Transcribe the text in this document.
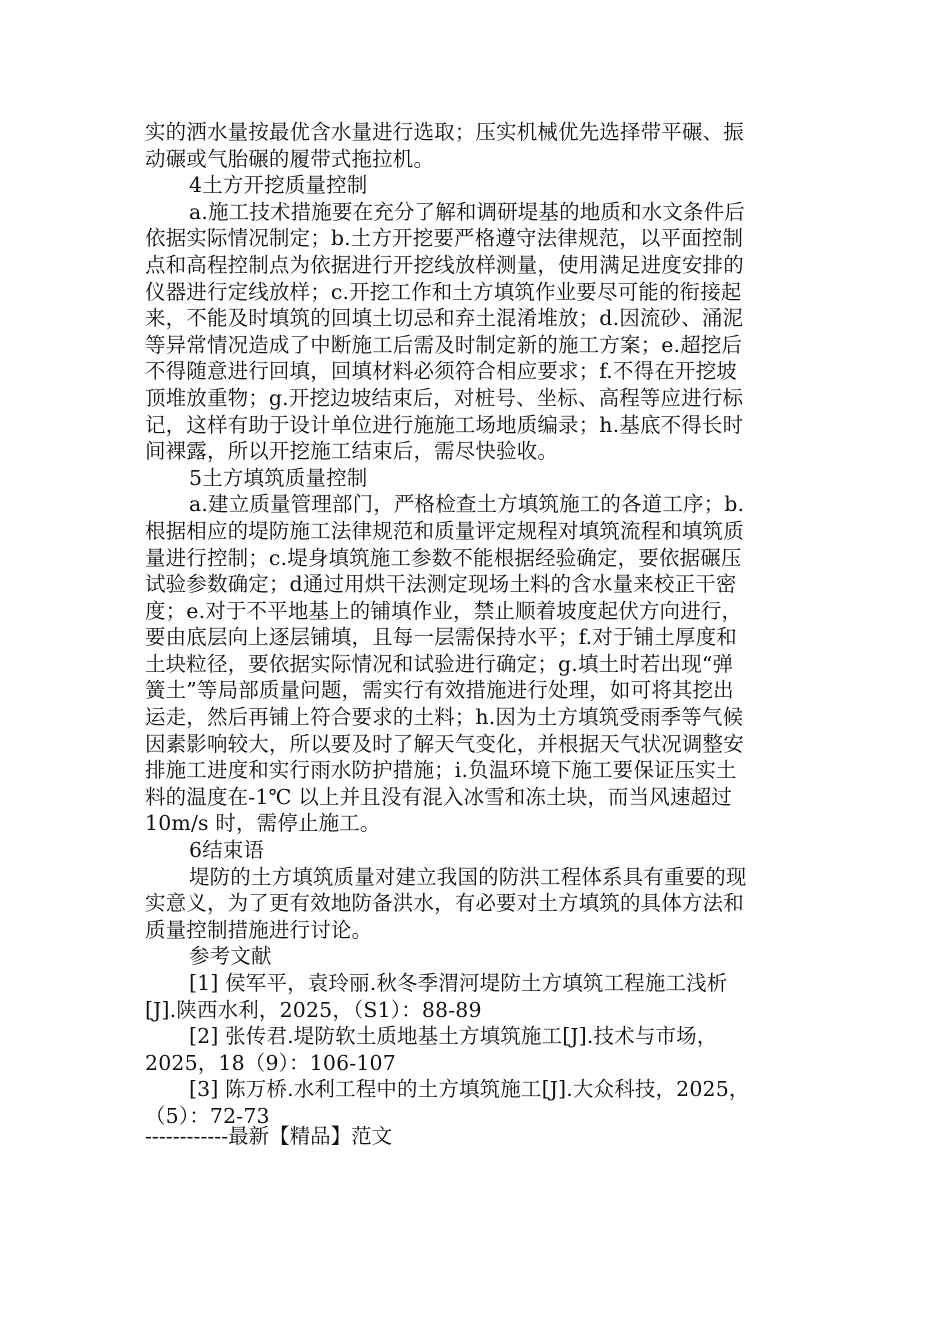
实的洒水量按最优含水量进行选取；压实机械优先选择带平碾、振
动碾或气胎碾的履带式拖拉机。
4土方开挖质量控制
a.施工技术措施要在充分了解和调研堤基的地质和水文条件后
依据实际情况制定；b.土方开挖要严格遵守法律规范，以平面控制
点和高程控制点为依据进行开挖线放样测量，使用满足进度安排的
仪器进行定线放样；c.开挖工作和土方填筑作业要尽可能的衔接起
来，不能及时填筑的回填土切忌和弃土混淆堆放；d.因流砂、涌泥
等异常情况造成了中断施工后需及时制定新的施工方案；e.超挖后
不得随意进行回填，回填材料必须符合相应要求；f.不得在开挖坡
顶堆放重物；g.开挖边坡结束后，对桩号、坐标、高程等应进行标
记，这样有助于设计单位进行施施工场地质编录；h.基底不得长时
间裸露，所以开挖施工结束后，需尽快验收。
5土方填筑质量控制
a.建立质量管理部门，严格检查土方填筑施工的各道工序；b.
根据相应的堤防施工法律规范和质量评定规程对填筑流程和填筑质
量进行控制；c.堤身填筑施工参数不能根据经验确定，要依据碾压
试验参数确定；d通过用烘干法测定现场土料的含水量来校正干密
度；e.对于不平地基上的铺填作业，禁止顺着坡度起伏方向进行，
要由底层向上逐层铺填，且每一层需保持水平；f.对于铺土厚度和
土块粒径，要依据实际情况和试验进行确定；g.填土时若出现“弹
簧土”等局部质量问题，需实行有效措施进行处理，如可将其挖出
运走，然后再铺上符合要求的土料；h.因为土方填筑受雨季等气候
因素影响较大，所以要及时了解天气变化，并根据天气状况调整安
排施工进度和实行雨水防护措施；i.负温环境下施工要保证压实土
料的温度在-1℃ 以上并且没有混入冰雪和冻土块，而当风速超过
10m/s 时，需停止施工。
6结束语
堤防的土方填筑质量对建立我国的防洪工程体系具有重要的现
实意义，为了更有效地防备洪水，有必要对土方填筑的具体方法和
质量控制措施进行讨论。
参考文献
[1] 侯军平，袁玲丽.秋冬季渭河堤防土方填筑工程施工浅析
[J].陕西水利，2025，（S1）：88-89
[2] 张传君.堤防软土质地基土方填筑施工[J].技术与市场，
2025，18（9）：106-107
[3] 陈万桥.水利工程中的土方填筑施工[J].大众科技，2025，
（5）：72-73
------------最新【精品】范文
